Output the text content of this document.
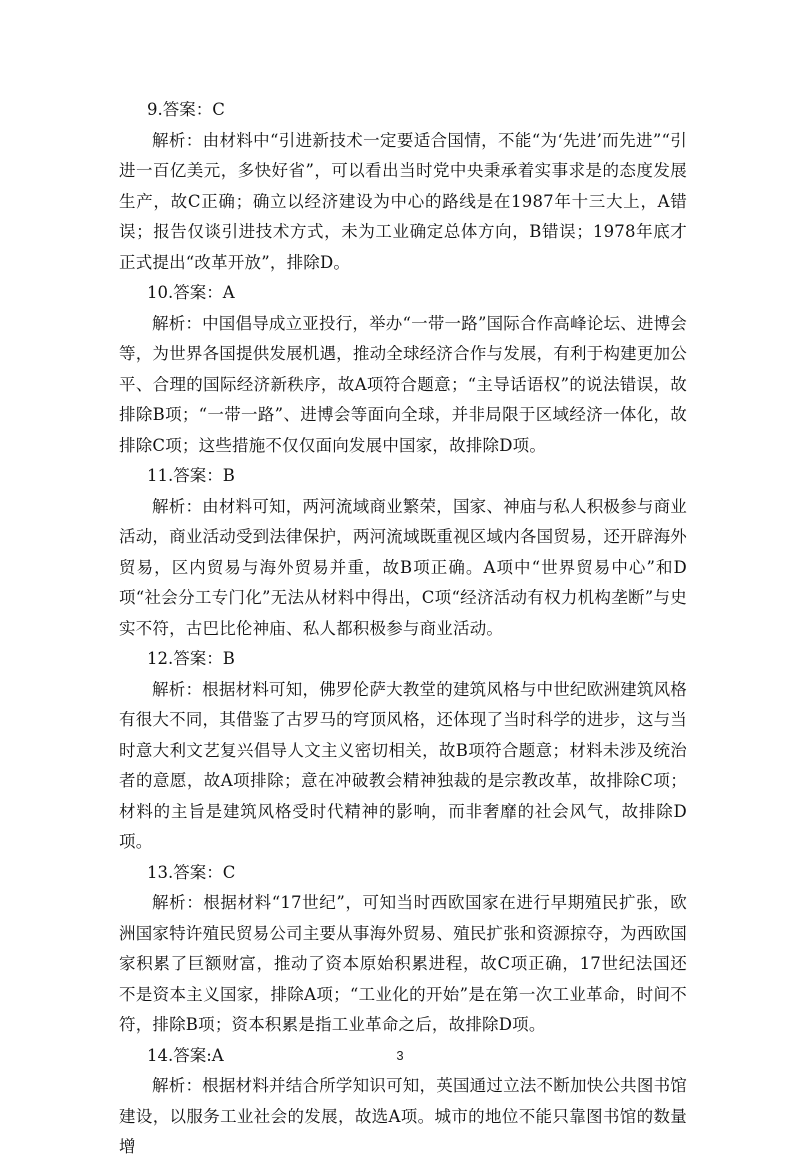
9.答案：C

解析：由材料中“引进新技术一定要适合国情，不能“为‘先进’而先进”“引进一百亿美元，多快好省”，可以看出当时党中央秉承着实事求是的态度发展生产，故C正确；确立以经济建设为中心的路线是在1987年十三大上，A错误；报告仅谈引进技术方式，未为工业确定总体方向，B错误；1978年底才正式提出“改革开放”，排除D。

10.答案：A

解析：中国倡导成立亚投行，举办“一带一路”国际合作高峰论坛、进博会等，为世界各国提供发展机遇，推动全球经济合作与发展，有利于构建更加公平、合理的国际经济新秩序，故A项符合题意；“主导话语权”的说法错误，故排除B项；“一带一路”、进博会等面向全球，并非局限于区域经济一体化，故排除C项；这些措施不仅仅面向发展中国家，故排除D项。

11.答案：B

解析：由材料可知，两河流域商业繁荣，国家、神庙与私人积极参与商业活动，商业活动受到法律保护，两河流域既重视区域内各国贸易，还开辟海外贸易，区内贸易与海外贸易并重，故B项正确。A项中“世界贸易中心”和D项“社会分工专门化”无法从材料中得出，C项“经济活动有权力机构垄断”与史实不符，古巴比伦神庙、私人都积极参与商业活动。

12.答案：B

解析：根据材料可知，佛罗伦萨大教堂的建筑风格与中世纪欧洲建筑风格有很大不同，其借鉴了古罗马的穹顶风格，还体现了当时科学的进步，这与当时意大利文艺复兴倡导人文主义密切相关，故B项符合题意；材料未涉及统治者的意愿，故A项排除；意在冲破教会精神独裁的是宗教改革，故排除C项；材料的主旨是建筑风格受时代精神的影响，而非奢靡的社会风气，故排除D项。

13.答案：C

解析：根据材料“17世纪”，可知当时西欧国家在进行早期殖民扩张，欧洲国家特许殖民贸易公司主要从事海外贸易、殖民扩张和资源掠夺，为西欧国家积累了巨额财富，推动了资本原始积累进程，故C项正确，17世纪法国还不是资本主义国家，排除A项；“工业化的开始”是在第一次工业革命，时间不符，排除B项；资本积累是指工业革命之后，故排除D项。

14.答案:A

解析：根据材料并结合所学知识可知，英国通过立法不断加快公共图书馆建设，以服务工业社会的发展，故选A项。城市的地位不能只靠图书馆的数量增

3
